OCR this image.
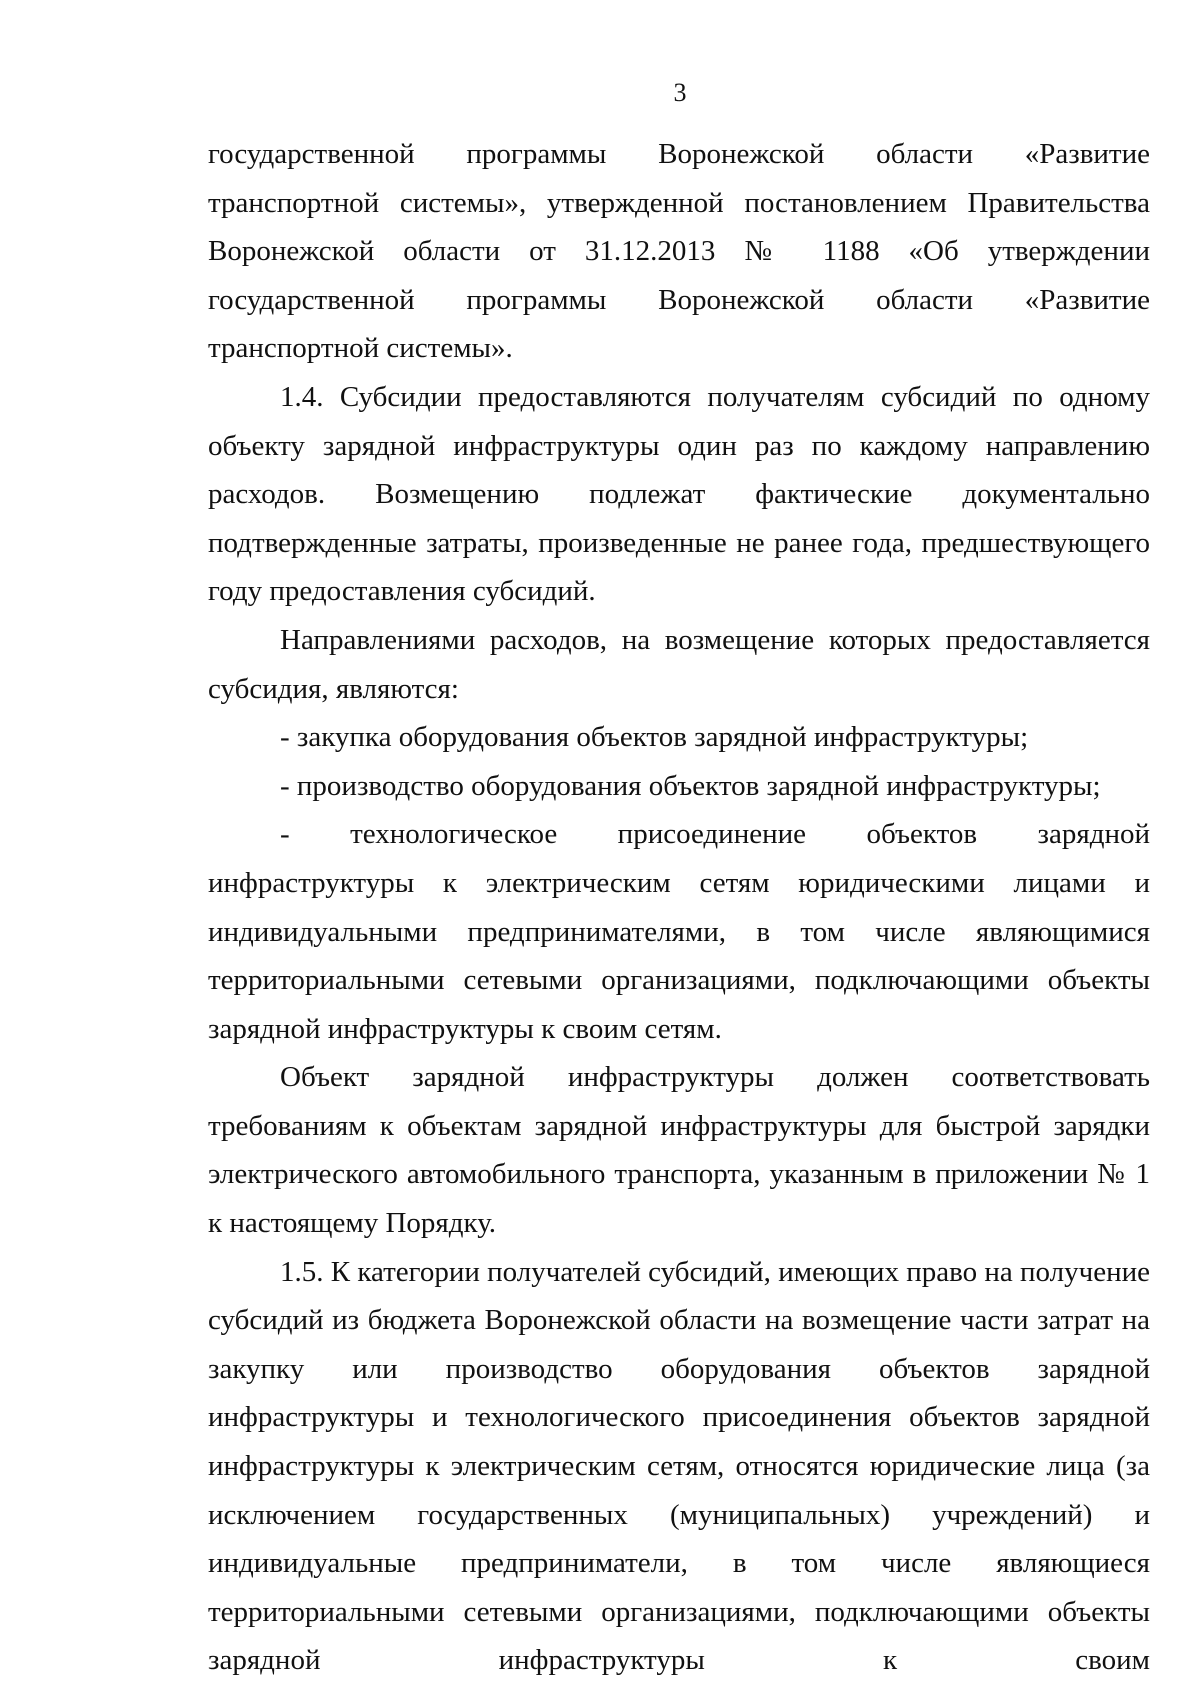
3

государственной программы Воронежской области «Развитие транспортной системы», утвержденной постановлением Правительства Воронежской области от 31.12.2013 № 1188 «Об утверждении государственной программы Воронежской области «Развитие транспортной системы».

1.4. Субсидии предоставляются получателям субсидий по одному объекту зарядной инфраструктуры один раз по каждому направлению расходов. Возмещению подлежат фактические документально подтвержденные затраты, произведенные не ранее года, предшествующего году предоставления субсидий.

Направлениями расходов, на возмещение которых предоставляется субсидия, являются:

- закупка оборудования объектов зарядной инфраструктуры;

- производство оборудования объектов зарядной инфраструктуры;

- технологическое присоединение объектов зарядной инфраструктуры к электрическим сетям юридическими лицами и индивидуальными предпринимателями, в том числе являющимися территориальными сетевыми организациями, подключающими объекты зарядной инфраструктуры к своим сетям.

Объект зарядной инфраструктуры должен соответствовать требованиям к объектам зарядной инфраструктуры для быстрой зарядки электрического автомобильного транспорта, указанным в приложении № 1 к настоящему Порядку.

1.5. К категории получателей субсидий, имеющих право на получение субсидий из бюджета Воронежской области на возмещение части затрат на закупку или производство оборудования объектов зарядной инфраструктуры и технологического присоединения объектов зарядной инфраструктуры к электрическим сетям, относятся юридические лица (за исключением государственных (муниципальных) учреждений) и индивидуальные предприниматели, в том числе являющиеся территориальными сетевыми организациями, подключающими объекты зарядной инфраструктуры к своим
